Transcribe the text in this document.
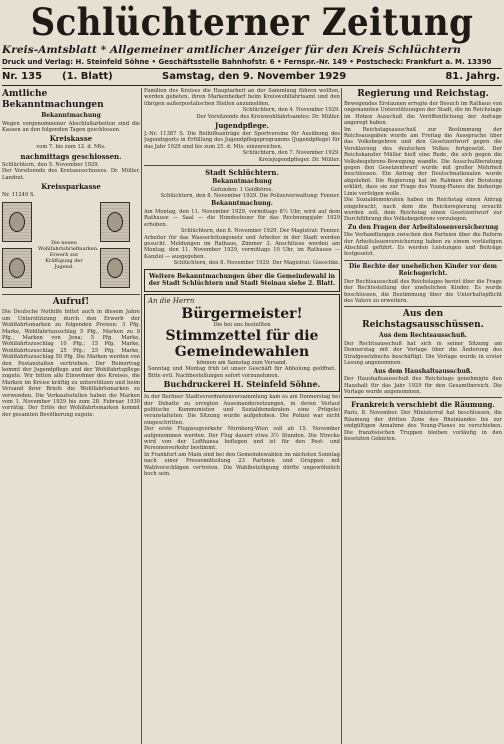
Schlüchterner Zeitung
Kreis-Amtsblatt * Allgemeiner amtlicher Anzeiger für den Kreis Schlüchtern
Druck und Verlag: H. Steinfeld Söhne • Geschäftsstelle Bahnhofstr. 6 • Fernspr.-Nr. 149 • Postscheck: Frankfurt a. M. 13390
Nr. 135 (1. Blatt)	Samstag, den 9. November 1929	81. Jahrg.
Amtliche Bekanntmachungen
Bekanntmachung
Wegen vorgenommener Abschlußarbeiten sind die Kassen an den folgenden Tagen geschlossen.
Kreiskasse
vom 7. bis zum 12. d. Mts.
nachmittags geschlossen.
Schlüchtern, den 5. November 1929.
Der Vorsitzende des Kreisausschusses. Dr. Müller, Landrat.
Kreissparkasse
Nr. 11249 S.
Die neuen Wohlfahrtsbriefmarken. Erwerb zur Kräftigung der Jugend.
Aufruf!
Die Deutsche Nothilfe bittet auch in diesem Jahre um Unterstützung durch den Erwerb der Wohlfahrtsmarken zu folgenden Preisen: 3 Pfg. Marke, Wohlfahrtszuschlag 5 Pfg., Marken zu 8 Pfg., Marken von Jena; 5 Pfg. Marke, Wohlfahrtszuschlag 10 Pfg.; 15 Pfg. Marke, Wohlfahrtszuschlag 25 Pfg.; 25 Pfg. Marke, Wohlfahrtszuschlag 50 Pfg. Die Marken werden von den Postanstalten vertrieben. Der Reinertrag kommt der Jugendpflege und der Wohlfahrtspflege zugute. Wir bitten alle Einwohner des Kreises, die Marken im Kreise kräftig zu unterstützen und beim Versand ihrer Briefe die Wohlfahrtsmarken zu verwenden. Die Verkaufsstellen haben die Marken vom 1. November 1929 bis zum 28. Februar 1930 vorrätig. Der Erlös der Wohlfahrtsmarken kommt der gesamten Bevölkerung zugute.
Familien des Kreises die Hauptarbeit an der Sammlung führen wollten, werden gebeten, ihren Markenbedarf beim Kreiswohlfahrtsamt und den übrigen außerpostalischen Stellen anzumelden.
Schlüchtern, den 4. November 1929.
Der Vorsitzende des Kreiswohlfahrtsamtes: Dr. Müller.
Jugendpflege.
J.-Nr. 11387 S. Die Beihilfeanträge der Sportvereine für Ausübung des Jugendsports in Erfüllung des Jugendpflegeprogramms (Jugendpflege) für das Jahr 1929 sind bis zum 25. d. Mts. einzureichen.
Schlüchtern, den 7. November 1929.
Kreisjugendpfleger. Dr. Müller.
Stadt Schlüchtern.
Bekanntmachung
Gefunden: 1 Geldbörse.
Schlüchtern, den 8. November 1929. Die Polizeiverwaltung: Fenner.
Bekanntmachung.
Am Montag, den 11. November 1929, vormittags 8½ Uhr, wird auf dem Rathause — Saal — die Hundesteuer für das Rechnungsjahr 1929 erhoben.
Schlüchtern, den 8. November 1929. Der Magistrat: Fenner.
Arbeiter für das Wasserleitungsnetz und Arbeiter in der Stadt werden gesucht. Meldungen im Rathaus, Zimmer 3. Anschlüsse werden am Montag, den 11. November 1929, vormittags 10 Uhr, im Rathause — Kanzlei — ausgegeben.
Schlüchtern, den 8. November 1929. Der Magistrat: Goeschke.
Weitere Bekanntmachungen über die Gemeindewahl in der Stadt Schlüchtern und Stadt Steinau siehe 2. Blatt.
An die Herrn
Bürgermeister!
Die bei uns bestellten
Stimmzettel für die Gemeindewahlen
können am Samstag zum Versand.
Sonntag und Montag früh ist unser Geschäft für Abholung geöffnet. Bitte evtl. Nachbestellungen sofort vorzunehmen.
Buchdruckerei H. Steinfeld Söhne.
In der Berliner Stadtverordnetenversammlung kam es am Donnerstag bei der Debatte zu erregten Auseinandersetzungen, in deren Verlauf politische Kommunisten und Sozialdemokraten eine Prügelei veranstalteten. Die Sitzung wurde aufgehoben. Die Polizei war nicht eingeschritten.
Der erste Flugzeugverkehr Nürnberg-Wien soll ab 15. November aufgenommen werden. Der Flug dauert etwa 3½ Stunden. Die Strecke wird von der Lufthansa beflogen und ist für den Post- und Personenverkehr bestimmt.
In Frankfurt am Main sind bei den Gemeindewahlen im nächsten Sonntag nach einer Pressemitteilung 23 Parteien und Gruppen mit Wahlvorschlägen vertreten. Die Wahlbeteiligung dürfte ungewöhnlich hoch sein.
Regierung und Reichstag.
Bewegendes Erstaunen erregte der Besuch im Rathaus von ungenannten Unterstützungen der Stadt, die im Reichstage im Hohen Ausschuß die Veröffentlichung der Anfrage angeregt haben.
Im Reichstagsausschuß zur Bestimmung der Reichsausgaben wurde am Freitag die Aussprache über das Volksbegehren und den Gesetzentwurf gegen die Versklavung des deutschen Volkes fortgesetzt. Der Reichskanzler Müller hielt eine Rede, die sich gegen die Volksbegehrens-Bewegung wandte. Die Ausschußberatung gegen den Gesetzentwurf wurde mit großer Mehrheit beschlossen. Ein Antrag der Deutschnationalen wurde abgelehnt. Die Regierung hat im Rahmen der Beratung erklärt, dass sie zur Frage des Young-Planes die bisherige Linie verfolgen wolle.
Die Sozialdemokraten haben im Reichstag einen Antrag eingebracht, nach dem die Reichsregierung ersucht werden soll, dem Reichstag einen Gesetzentwurf zur Durchführung des Volksbegehrens vorzulegen.
Zu den Fragen der Arbeitslosenversicherung
Die Verhandlungen zwischen den Parteien über die Reform der Arbeitslosenversicherung haben zu einem vorläufigen Abschluß geführt. Es werden Leistungen und Beiträge festgesetzt.
Die Rechte der unehelichen Kinder vor dem Reichsgericht.
Der Rechtsausschuß des Reichstages beriet über die Frage der Rechtsstellung der unehelichen Kinder. Es wurde beschlossen, die Bestimmung über die Unterhaltspflicht des Vaters zu erweitern.
Aus den Reichstagsausschüssen.
Aus dem Rechtsausschuß.
Der Rechtsausschuß hat sich in seiner Sitzung am Donnerstag mit der Vorlage über die Änderung des Strafgesetzbuchs beschäftigt. Die Vorlage wurde in erster Lesung angenommen.
Aus dem Haushaltsausschuß.
Der Haushaltsausschuß des Reichstags genehmigte den Haushalt für das Jahr 1929 für den Gesamtbereich. Die Vorlage wurde angenommen.
Frankreich verschiebt die Räumung.
Paris, 8. November. Der Ministerrat hat beschlossen, die Räumung der dritten Zone des Rheinlandes bis zur endgültigen Annahme des Young-Planes zu verschieben. Die französischen Truppen bleiben vorläufig in den besetzten Gebieten.
